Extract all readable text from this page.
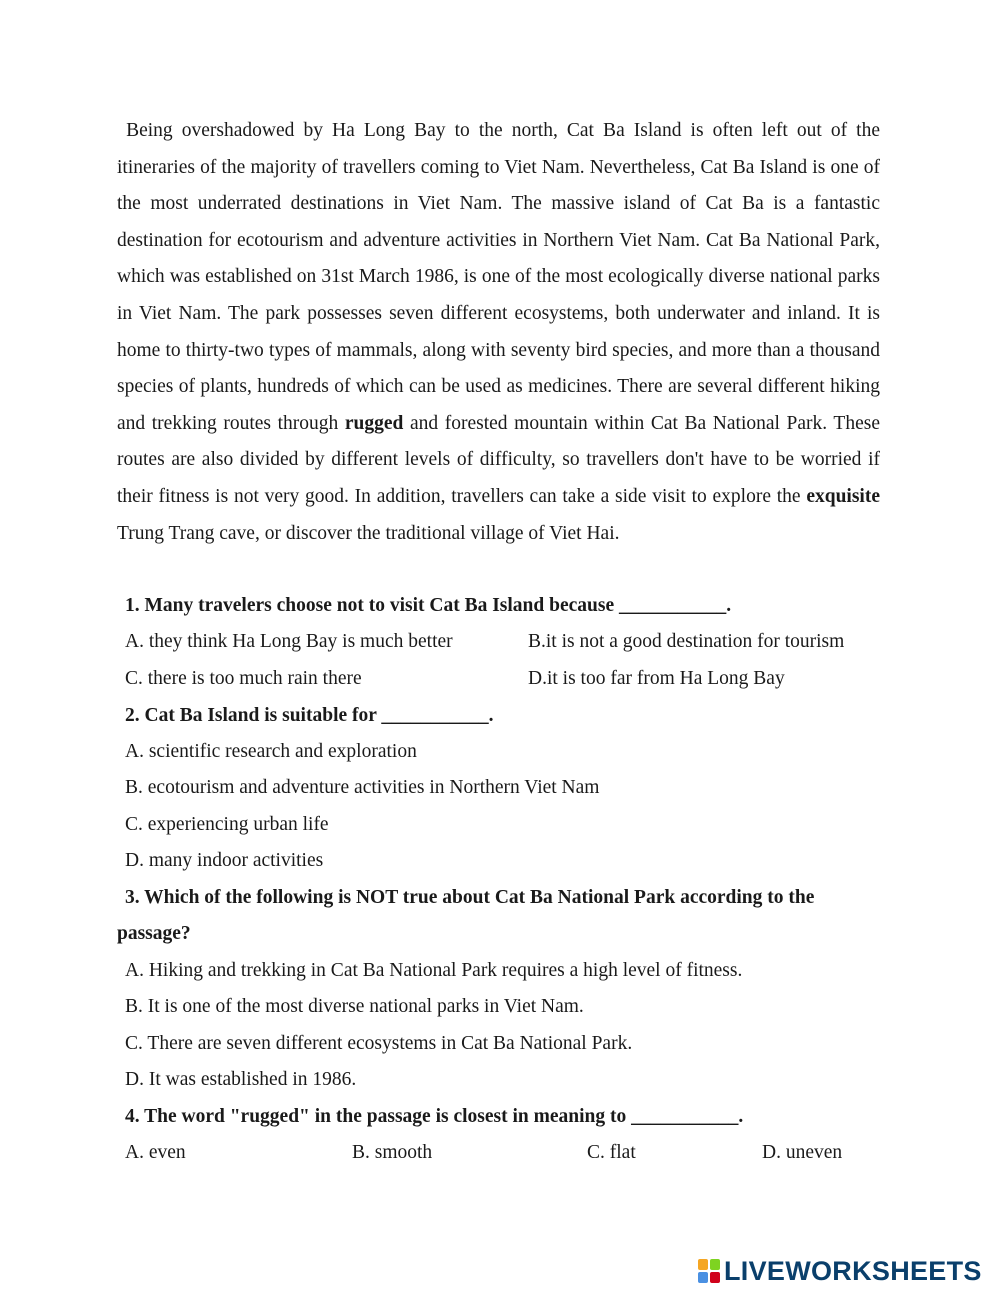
Being overshadowed by Ha Long Bay to the north, Cat Ba Island is often left out of the itineraries of the majority of travellers coming to Viet Nam. Nevertheless, Cat Ba Island is one of the most underrated destinations in Viet Nam. The massive island of Cat Ba is a fantastic destination for ecotourism and adventure activities in Northern Viet Nam. Cat Ba National Park, which was established on 31st March 1986, is one of the most ecologically diverse national parks in Viet Nam. The park possesses seven different ecosystems, both underwater and inland. It is home to thirty-two types of mammals, along with seventy bird species, and more than a thousand species of plants, hundreds of which can be used as medicines. There are several different hiking and trekking routes through rugged and forested mountain within Cat Ba National Park. These routes are also divided by different levels of difficulty, so travellers don't have to be worried if their fitness is not very good. In addition, travellers can take a side visit to explore the exquisite Trung Trang cave, or discover the traditional village of Viet Hai.

1. Many travelers choose not to visit Cat Ba Island because ___________.
A. they think Ha Long Bay is much better	B.it is not a good destination for tourism
C. there is too much rain there	D.it is too far from Ha Long Bay
2. Cat Ba Island is suitable for ___________.
A. scientific research and exploration
B. ecotourism and adventure activities in Northern Viet Nam
C. experiencing urban life
D. many indoor activities
3. Which of the following is NOT true about Cat Ba National Park according to the
passage?
A. Hiking and trekking in Cat Ba National Park requires a high level of fitness.
B. It is one of the most diverse national parks in Viet Nam.
C. There are seven different ecosystems in Cat Ba National Park.
D. It was established in 1986.
4. The word "rugged" in the passage is closest in meaning to ___________.
A. even	B. smooth	C. flat	D. uneven
LIVEWORKSHEETS
